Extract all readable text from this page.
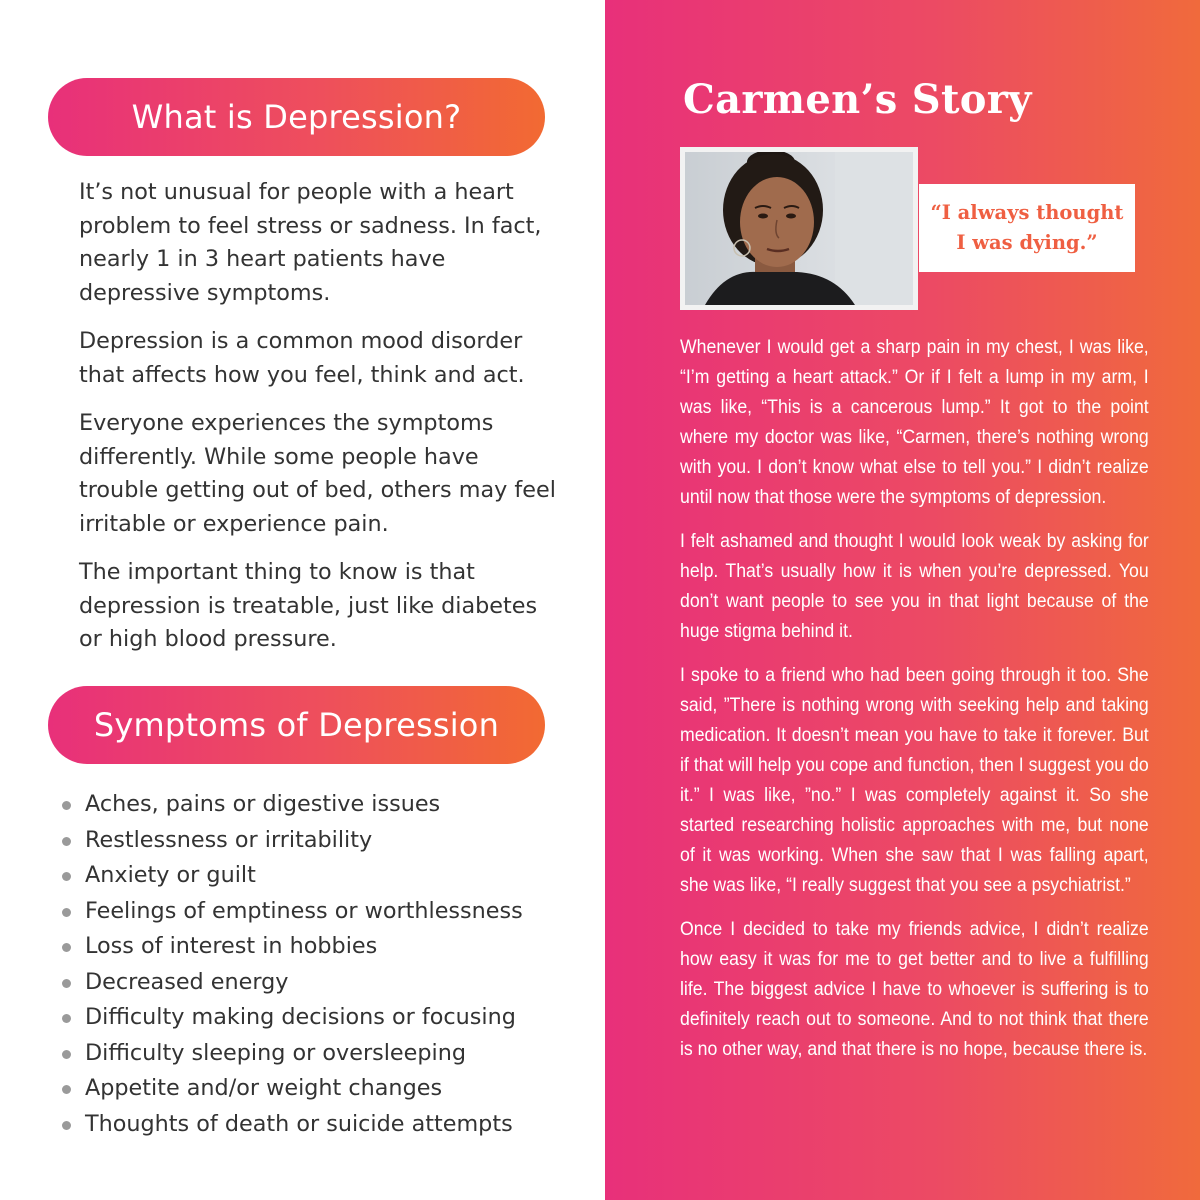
What is Depression?

It’s not unusual for people with a heart problem to feel stress or sadness. In fact, nearly 1 in 3 heart patients have depressive symptoms.

Depression is a common mood disorder that affects how you feel, think and act.

Everyone experiences the symptoms differently. While some people have trouble getting out of bed, others may feel irritable or experience pain.

The important thing to know is that depression is treatable, just like diabetes or high blood pressure.

Symptoms of Depression
Aches, pains or digestive issues
Restlessness or irritability
Anxiety or guilt
Feelings of emptiness or worthlessness
Loss of interest in hobbies
Decreased energy
Difficulty making decisions or focusing
Difficulty sleeping or oversleeping
Appetite and/or weight changes
Thoughts of death or suicide attempts
Carmen’s Story
“I always thought
I was dying.”

Whenever I would get a sharp pain in my chest, I was like, “I’m getting a heart attack.” Or if I felt a lump in my arm, I was like, “This is a cancerous lump.” It got to the point where my doctor was like, “Carmen, there’s nothing wrong with you. I don’t know what else to tell you.” I didn’t realize until now that those were the symptoms of depression.

I felt ashamed and thought I would look weak by asking for help. That’s usually how it is when you’re depressed. You don’t want people to see you in that light because of the huge stigma behind it.

I spoke to a friend who had been going through it too. She said, ”There is nothing wrong with seeking help and taking medication. It doesn’t mean you have to take it forever. But if that will help you cope and function, then I suggest you do it.” I was like, ”no.” I was completely against it. So she started researching holistic approaches with me, but none of it was working. When she saw that I was falling apart, she was like, “I really suggest that you see a psychiatrist.”

Once I decided to take my friends advice, I didn’t realize how easy it was for me to get better and to live a fulfilling life. The biggest advice I have to whoever is suffering is to definitely reach out to someone. And to not think that there is no other way, and that there is no hope, because there is.
